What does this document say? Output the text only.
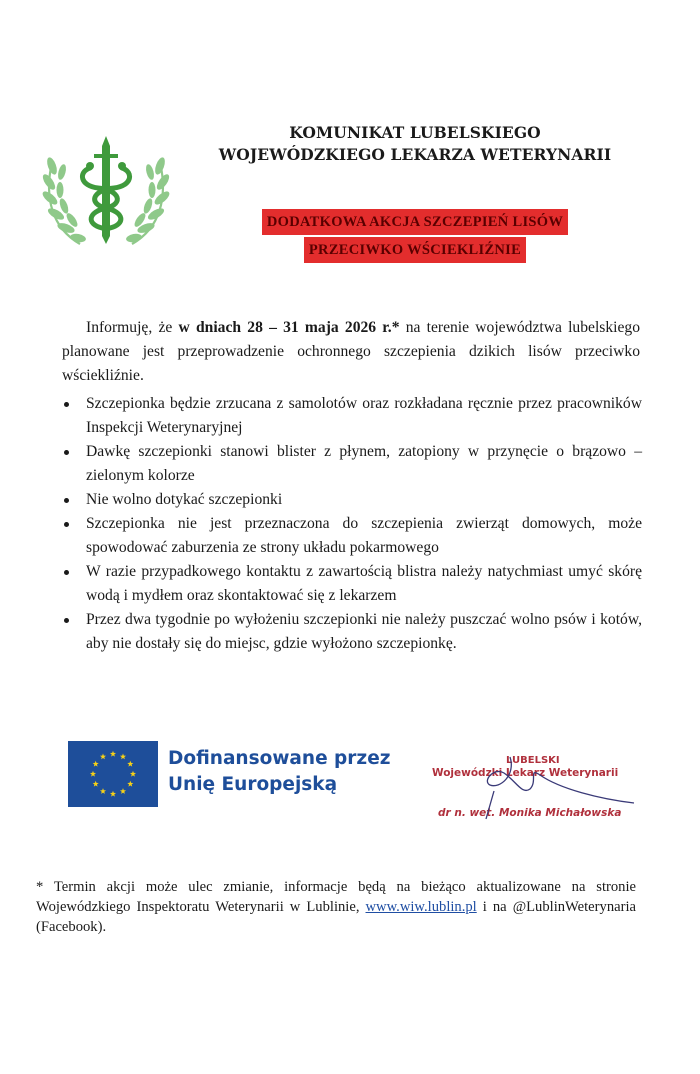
KOMUNIKAT LUBELSKIEGO
WOJEWÓDZKIEGO LEKARZA WETERYNARII
DODATKOWA AKCJA SZCZEPIEŃ LISÓW
PRZECIWKO WŚCIEKLIŹNIE

Informuję, że w dniach 28 – 31 maja 2026 r.* na terenie województwa lubelskiego planowane jest przeprowadzenie ochronnego szczepienia dzikich lisów przeciwko wściekliźnie.

Szczepionka będzie zrzucana z samolotów oraz rozkładana ręcznie przez pracowników Inspekcji Weterynaryjnej
Dawkę szczepionki stanowi blister z płynem, zatopiony w przynęcie o brązowo – zielonym kolorze
Nie wolno dotykać szczepionki
Szczepionka nie jest przeznaczona do szczepienia zwierząt domowych, może spowodować zaburzenia ze strony układu pokarmowego
W razie przypadkowego kontaktu z zawartością blistra należy natychmiast umyć skórę wodą i mydłem oraz skontaktować się z lekarzem
Przez dwa tygodnie po wyłożeniu szczepionki nie należy puszczać wolno psów i kotów, aby nie dostały się do miejsc, gdzie wyłożono szczepionkę.
Dofinansowane przez
Unię Europejską
LUBELSKI
Wojewódzki Lekarz Weterynarii
dr n. wet. Monika Michałowska

* Termin akcji może ulec zmianie, informacje będą na bieżąco aktualizowane na stronie Wojewódzkiego Inspektoratu Weterynarii w Lublinie, www.wiw.lublin.pl i na @LublinWeterynaria (Facebook).
